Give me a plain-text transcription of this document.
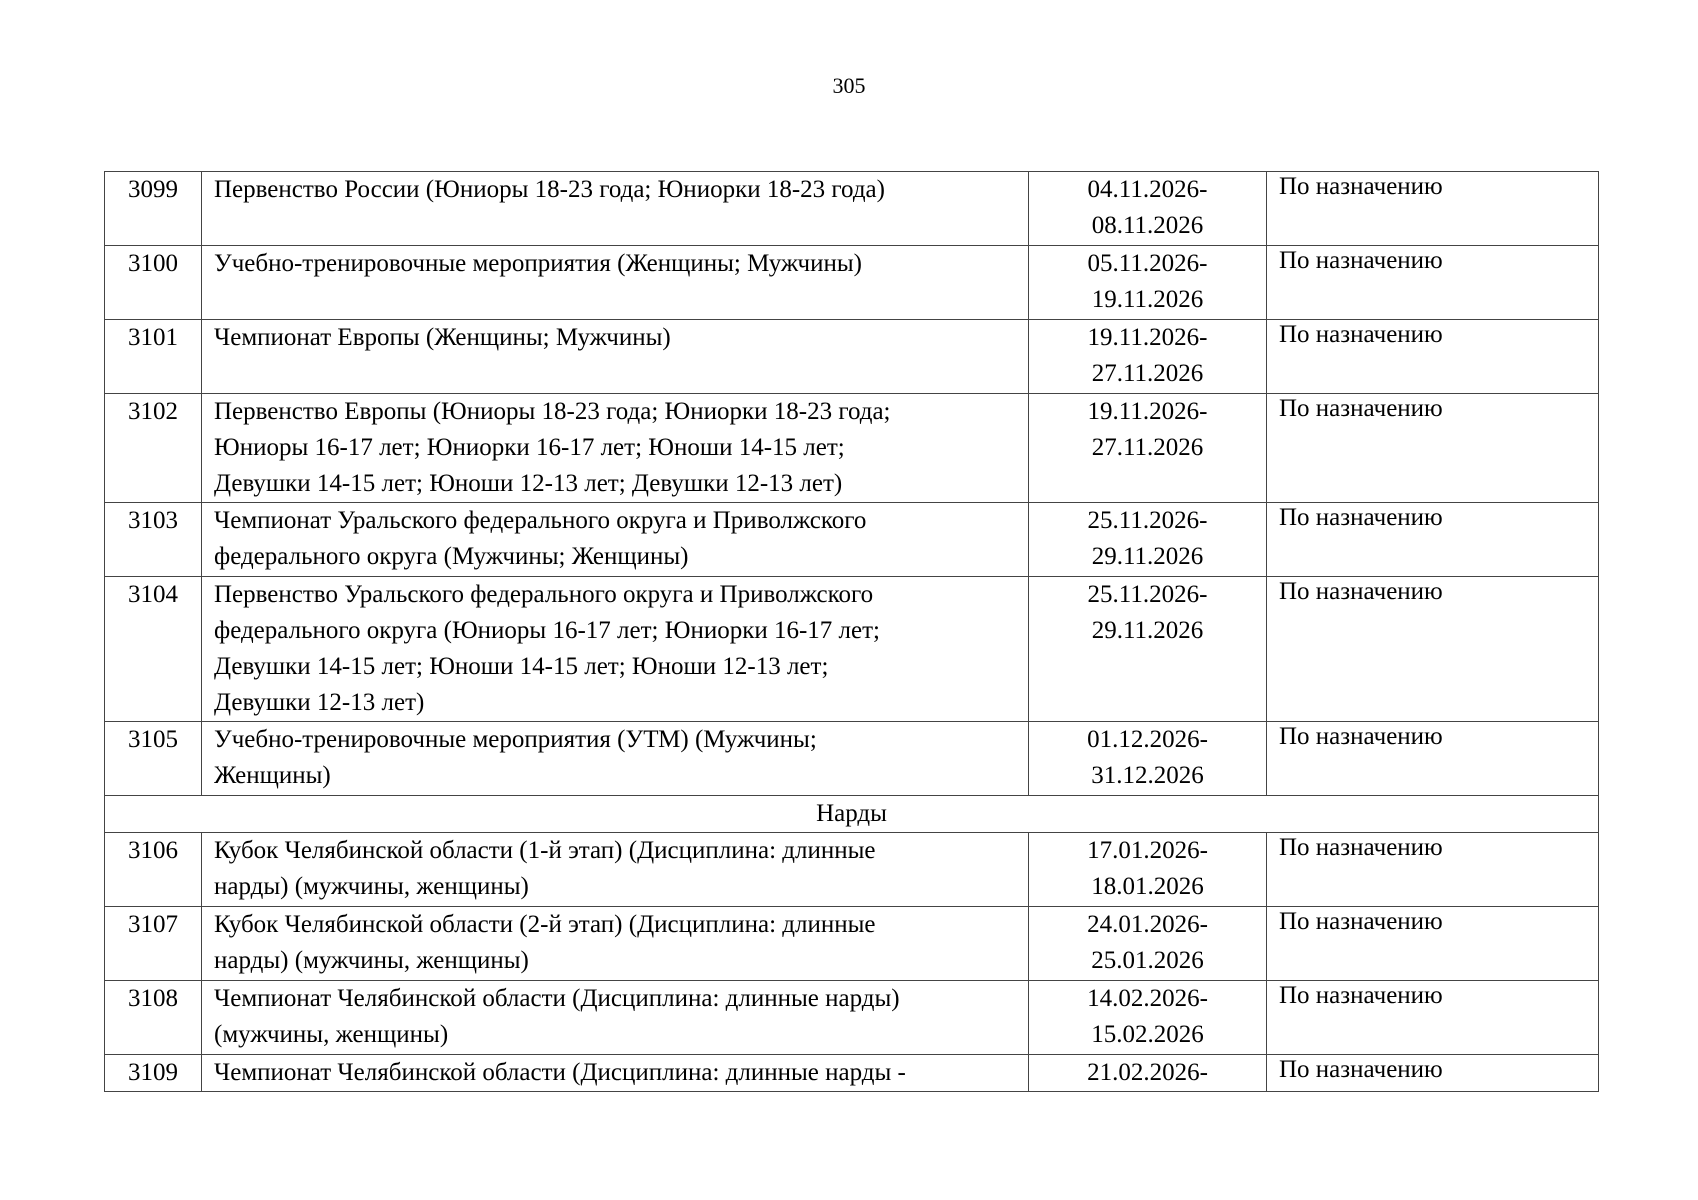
305
3099	Первенство России (Юниоры 18-23 года; Юниорки 18-23 года)	04.11.2026-
08.11.2026	По назначению
3100	Учебно-тренировочные мероприятия (Женщины; Мужчины)	05.11.2026-
19.11.2026	По назначению
3101	Чемпионат Европы (Женщины; Мужчины)	19.11.2026-
27.11.2026	По назначению
3102	Первенство Европы (Юниоры 18-23 года; Юниорки 18-23 года;
Юниоры 16-17 лет; Юниорки 16-17 лет; Юноши 14-15 лет;
Девушки 14-15 лет; Юноши 12-13 лет; Девушки 12-13 лет)	19.11.2026-
27.11.2026	По назначению
3103	Чемпионат Уральского федерального округа и Приволжского
федерального округа (Мужчины; Женщины)	25.11.2026-
29.11.2026	По назначению
3104	Первенство Уральского федерального округа и Приволжского
федерального округа (Юниоры 16-17 лет; Юниорки 16-17 лет;
Девушки 14-15 лет; Юноши 14-15 лет; Юноши 12-13 лет;
Девушки 12-13 лет)	25.11.2026-
29.11.2026	По назначению
3105	Учебно-тренировочные мероприятия (УТМ) (Мужчины;
Женщины)	01.12.2026-
31.12.2026	По назначению
Нарды			
3106	Кубок Челябинской области (1-й этап) (Дисциплина: длинные
нарды) (мужчины, женщины)	17.01.2026-
18.01.2026	По назначению
3107	Кубок Челябинской области (2-й этап) (Дисциплина: длинные
нарды) (мужчины, женщины)	24.01.2026-
25.01.2026	По назначению
3108	Чемпионат Челябинской области (Дисциплина: длинные нарды)
(мужчины, женщины)	14.02.2026-
15.02.2026	По назначению
3109	Чемпионат Челябинской области (Дисциплина: длинные нарды -	21.02.2026-	По назначению
